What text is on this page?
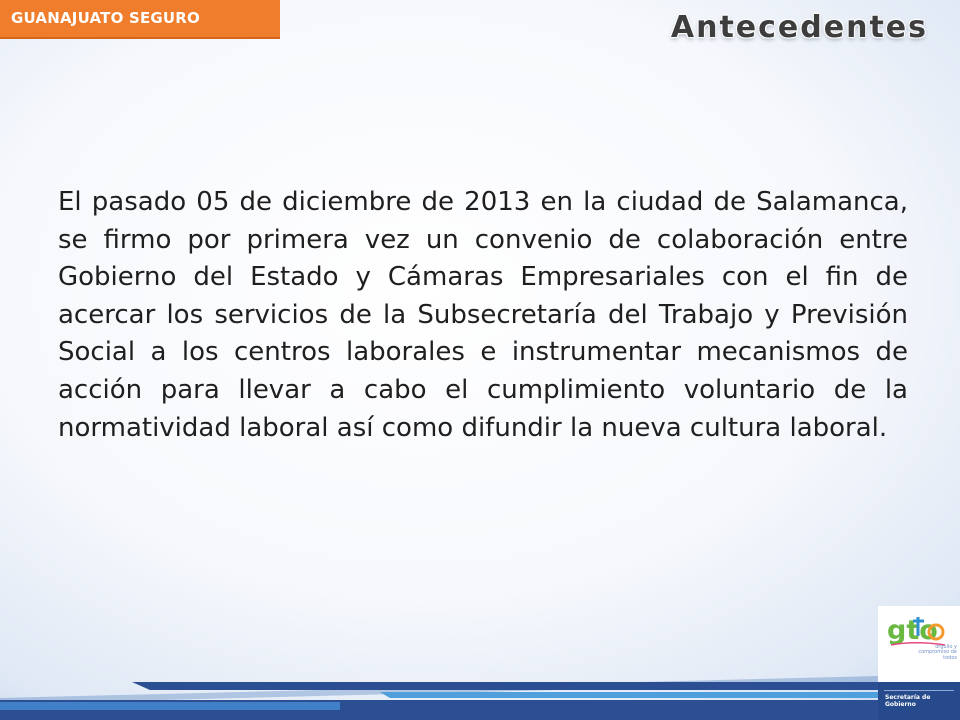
GUANAJUATO SEGURO	Antecedentes

El pasado 05 de diciembre de 2013 en la ciudad de Salamanca, se firmo por primera vez un convenio de colaboración entre Gobierno del Estado y Cámaras Empresariales con el fin de acercar los servicios de la Subsecretaría del Trabajo y Previsión Social a los centros laborales e instrumentar mecanismos de acción para llevar a cabo el cumplimiento voluntario de la normatividad laboral así como difundir la nueva cultura laboral.

gto
orgullo y compromiso de todos
Secretaría de Gobierno
